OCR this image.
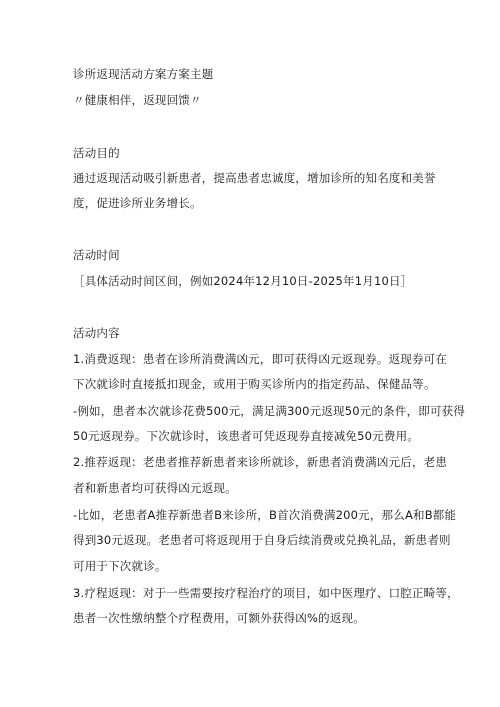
诊所返现活动方案方案主题
〃健康相伴，返现回馈〃
活动目的
通过返现活动吸引新患者，提高患者忠诚度，增加诊所的知名度和美誉
度，促进诊所业务增长。
活动时间
［具体活动时间区间，例如2024年12月10日-2025年1月10日］
活动内容
1.消费返现：患者在诊所消费满凶元，即可获得凶元返现券。返现券可在
下次就诊时直接抵扣现金，或用于购买诊所内的指定药品、保健品等。
-例如，患者本次就诊花费500元，满足满300元返现50元的条件，即可获得
50元返现券。下次就诊时，该患者可凭返现券直接减免50元费用。
2.推荐返现：老患者推荐新患者来诊所就诊，新患者消费满凶元后，老患
者和新患者均可获得凶元返现。
-比如，老患者A推荐新患者B来诊所，B首次消费满200元，那么A和B都能
得到30元返现。老患者可将返现用于自身后续消费或兑换礼品，新患者则
可用于下次就诊。
3.疗程返现：对于一些需要按疗程治疗的项目，如中医理疗、口腔正畸等，
患者一次性缴纳整个疗程费用，可额外获得凶%的返现。
